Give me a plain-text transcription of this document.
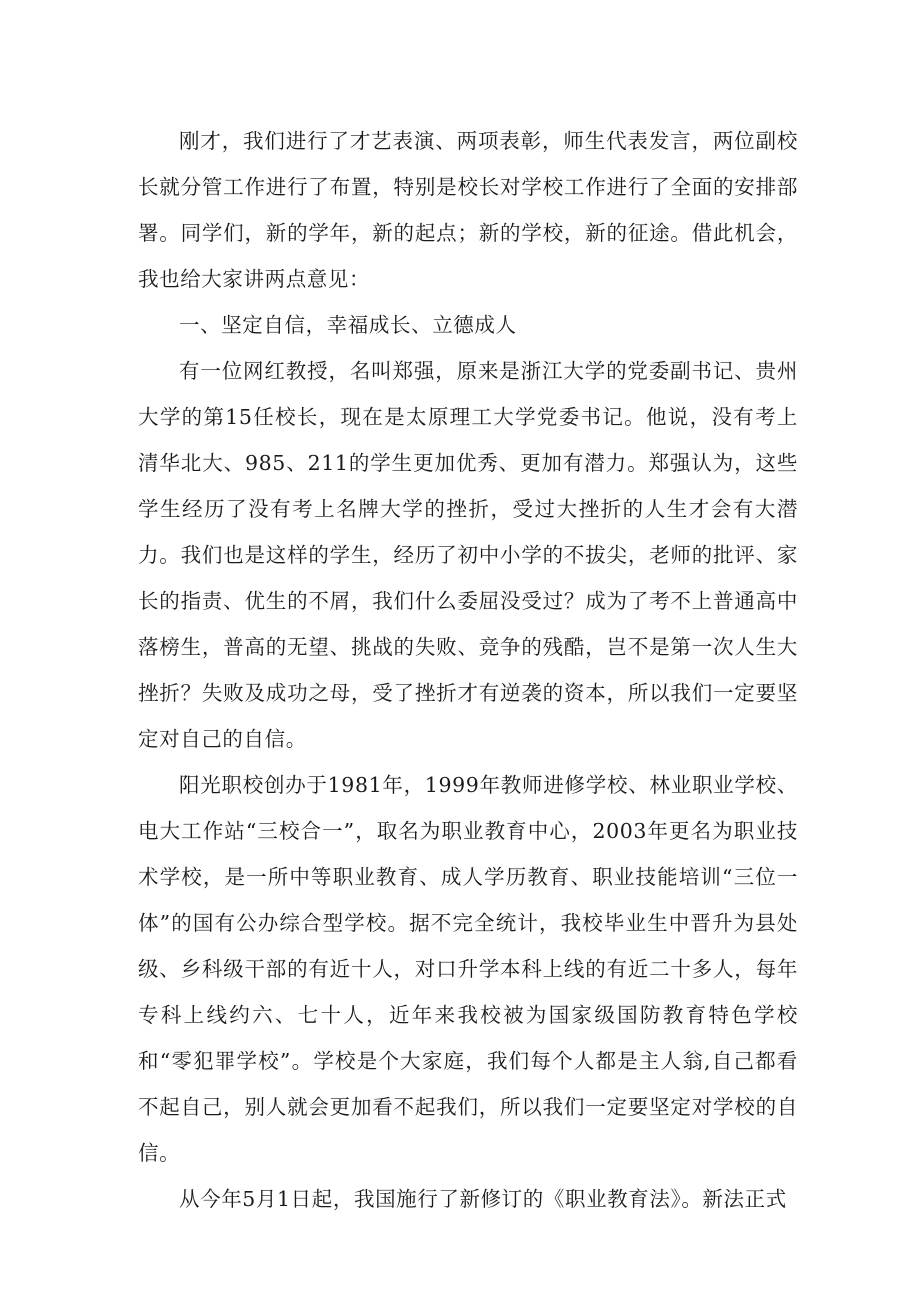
刚才，我们进行了才艺表演、两项表彰，师生代表发言，两位副校长就分管工作进行了布置，特别是校长对学校工作进行了全面的安排部署。同学们，新的学年，新的起点；新的学校，新的征途。借此机会，我也给大家讲两点意见：

一、坚定自信，幸福成长、立德成人

有一位网红教授，名叫郑强，原来是浙江大学的党委副书记、贵州大学的第15任校长，现在是太原理工大学党委书记。他说，没有考上清华北大、985、211的学生更加优秀、更加有潜力。郑强认为，这些学生经历了没有考上名牌大学的挫折，受过大挫折的人生才会有大潜力。我们也是这样的学生，经历了初中小学的不拔尖，老师的批评、家长的指责、优生的不屑，我们什么委屈没受过？成为了考不上普通高中落榜生，普高的无望、挑战的失败、竞争的残酷，岂不是第一次人生大挫折？失败及成功之母，受了挫折才有逆袭的资本，所以我们一定要坚定对自己的自信。

阳光职校创办于1981年，1999年教师进修学校、林业职业学校、电大工作站“三校合一”，取名为职业教育中心，2003年更名为职业技术学校，是一所中等职业教育、成人学历教育、职业技能培训“三位一体”的国有公办综合型学校。据不完全统计，我校毕业生中晋升为县处级、乡科级干部的有近十人，对口升学本科上线的有近二十多人，每年专科上线约六、七十人，近年来我校被为国家级国防教育特色学校和“零犯罪学校”。学校是个大家庭，我们每个人都是主人翁,自己都看不起自己，别人就会更加看不起我们，所以我们一定要坚定对学校的自信。

从今年5月1日起，我国施行了新修订的《职业教育法》。新法正式
